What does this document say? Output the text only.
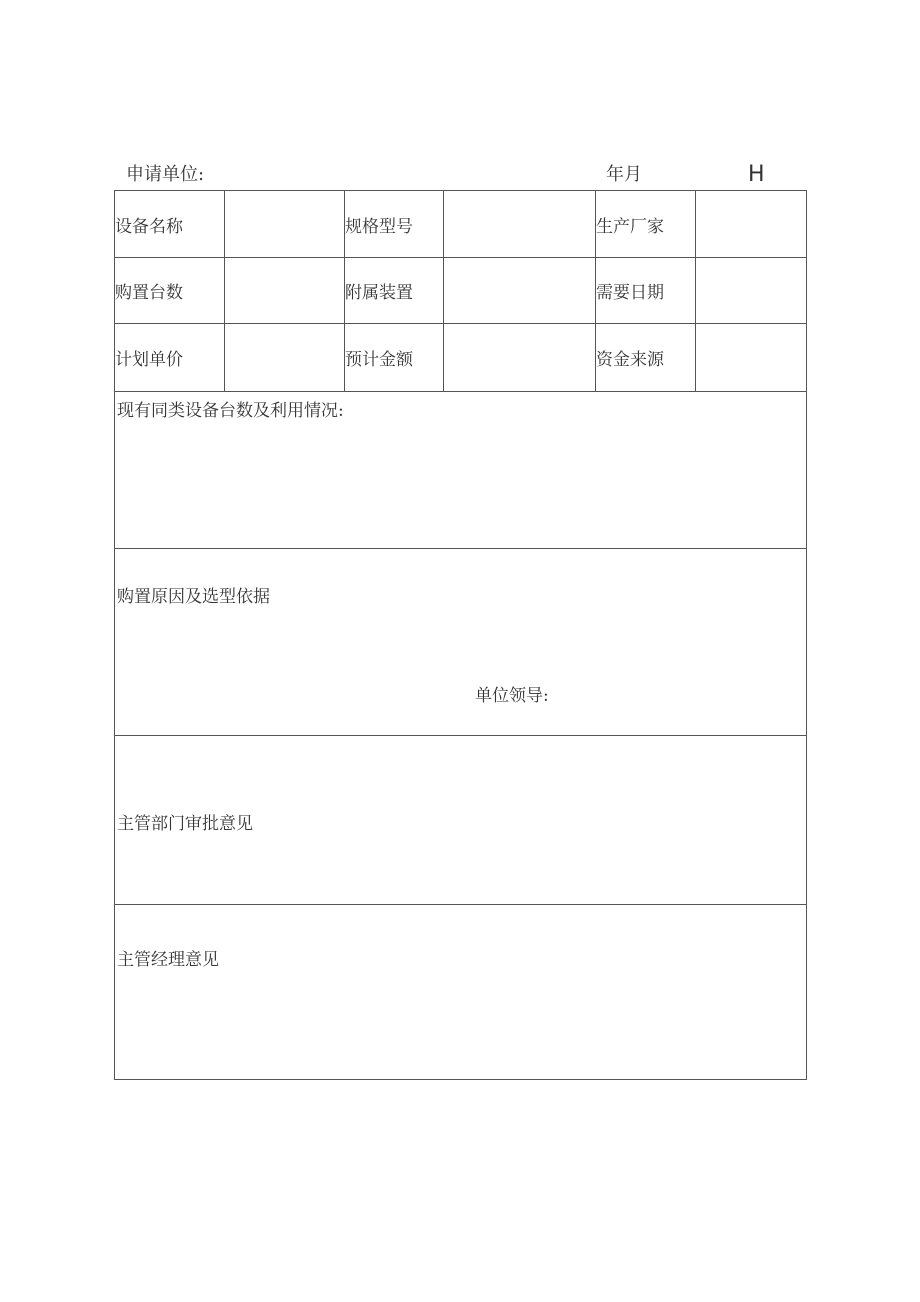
申请单位:	年月	H
设备名称		规格型号		生产厂家	
购置台数		附属装置		需要日期	
计划单价		预计金额		资金来源	

现有同类设备台数及利用情况:					

购置原因及选型依据
单位领导:					

主管部门审批意见					

主管经理意见					
